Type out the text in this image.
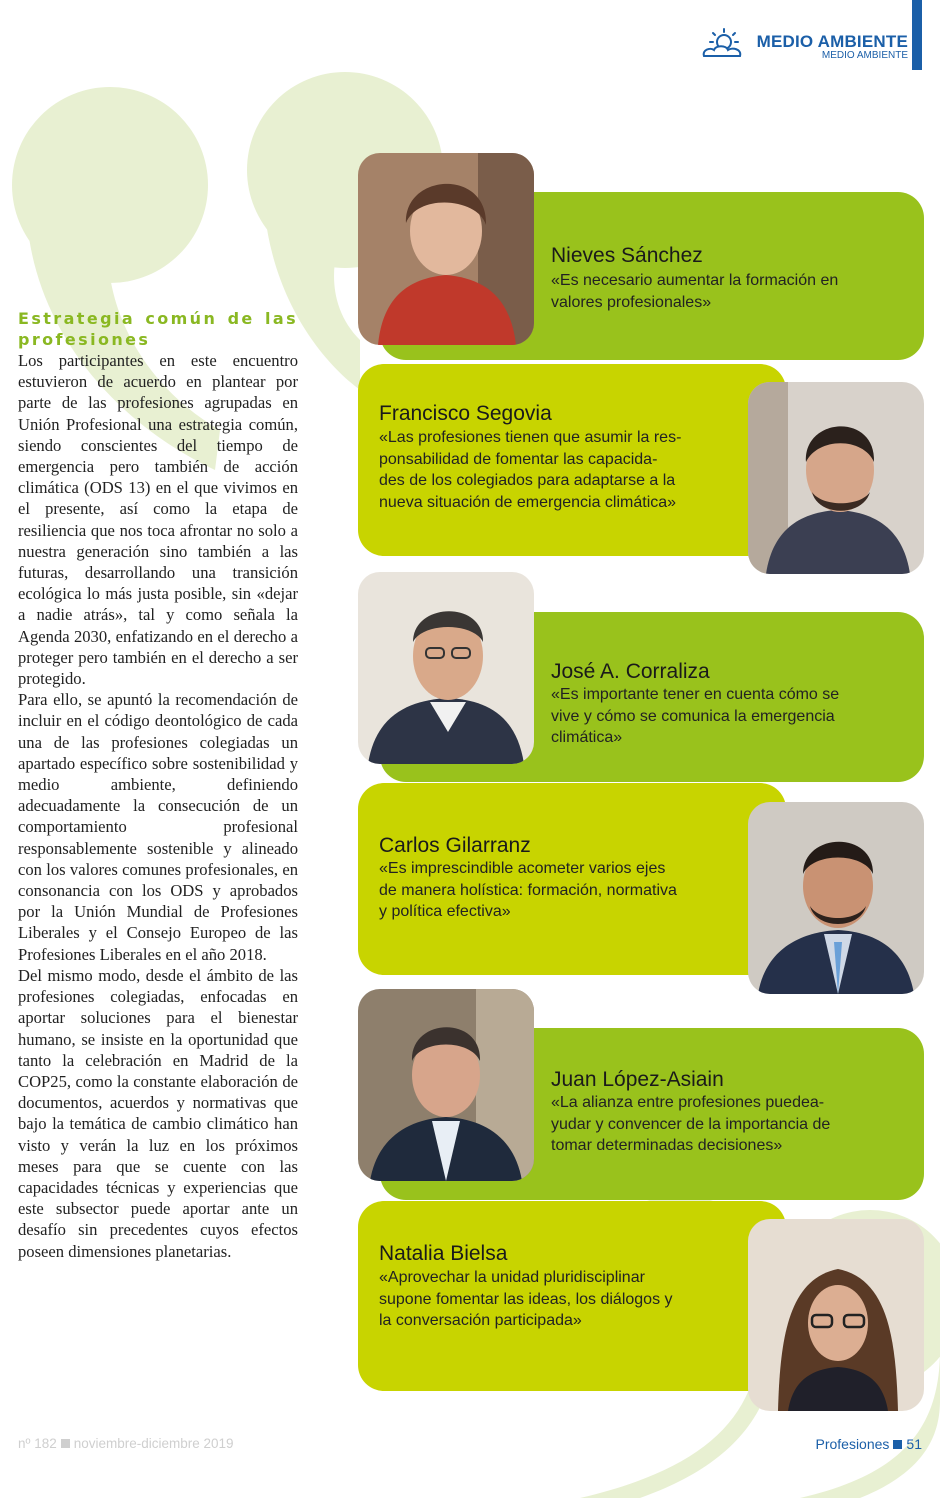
MEDIO AMBIENTE
MEDIO AMBIENTE
Estrategia común de las profesiones

Los participantes en este encuentro estuvieron de acuerdo en plantear por parte de las profesiones agrupadas en Unión Profesional una estrategia común, siendo conscientes del tiempo de emergencia pero también de acción climática (ODS 13) en el que vivimos en el presente, así como la etapa de resiliencia que nos toca afrontar no solo a nuestra generación sino también a las futuras, desarrollando una transición ecológica lo más justa posible, sin «dejar a nadie atrás», tal y como señala la Agenda 2030, enfatizando en el derecho a proteger pero también en el derecho a ser protegido.

Para ello, se apuntó la recomendación de incluir en el código deontológico de cada una de las profesiones colegiadas un apartado específico sobre sostenibilidad y medio ambiente, definiendo adecuadamente la consecución de un comportamiento profesional responsablemente sostenible y alineado con los valores comunes profesionales, en consonancia con los ODS y aprobados por la Unión Mundial de Profesiones Liberales y el Consejo Europeo de las Profesiones Liberales en el año 2018.

Del mismo modo, desde el ámbito de las profesiones colegiadas, enfocadas en aportar soluciones para el bienestar humano, se insiste en la oportunidad que tanto la celebración en Madrid de la COP25, como la constante elaboración de documentos, acuerdos y normativas que bajo la temática de cambio climático han visto y verán la luz en los próximos meses para que se cuente con las capacidades técnicas y experiencias que este subsector puede aportar ante un desafío sin precedentes cuyos efectos poseen dimensiones planetarias.

Nieves Sánchez
«Es necesario aumentar la formación en
valores profesionales»
Francisco Segovia
«Las profesiones tienen que asumir la res-
ponsabilidad de fomentar las capacida-
des de los colegiados para adaptarse a la
nueva situación de emergencia climática»
José A. Corraliza
«Es importante tener en cuenta cómo se
vive y cómo se comunica la emergencia
climática»
Carlos Gilarranz
«Es imprescindible acometer varios ejes
de manera holística: formación, normativa
y política efectiva»
Juan López-Asiain
«La alianza entre profesiones puedea-
yudar y convencer de la importancia de
tomar determinadas decisiones»
Natalia Bielsa
«Aprovechar la unidad pluridisciplinar
supone fomentar las ideas, los diálogos y
la conversación participada»
nº 182 noviembre-diciembre 2019	Profesiones 51
